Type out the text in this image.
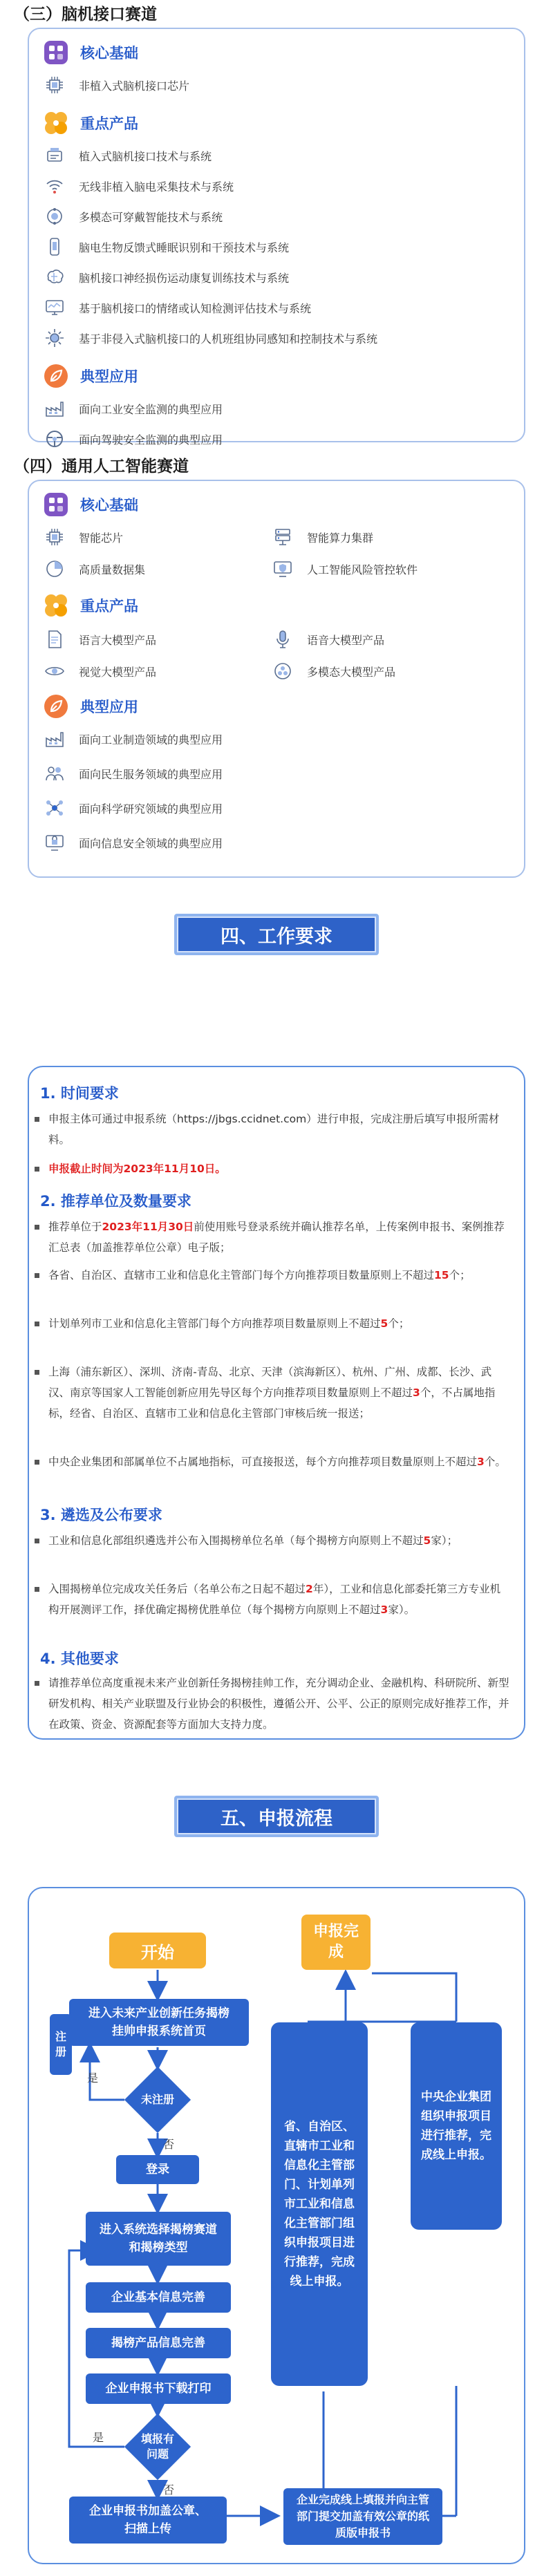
（三）脑机接口赛道
核心基础
非植入式脑机接口芯片
重点产品
植入式脑机接口技术与系统
无线非植入脑电采集技术与系统
多模态可穿戴智能技术与系统
脑电生物反馈式睡眠识别和干预技术与系统
脑机接口神经损伤运动康复训练技术与系统
基于脑机接口的情绪或认知检测评估技术与系统
基于非侵入式脑机接口的人机班组协同感知和控制技术与系统
典型应用
面向工业安全监测的典型应用
面向驾驶安全监测的典型应用
（四）通用人工智能赛道
核心基础
智能芯片	智能算力集群
高质量数据集	人工智能风险管控软件
重点产品
语言大模型产品	语音大模型产品
视觉大模型产品	多模态大模型产品
典型应用
面向工业制造领域的典型应用
面向民生服务领域的典型应用
面向科学研究领域的典型应用
面向信息安全领域的典型应用
四、工作要求
1. 时间要求
申报主体可通过申报系统（https://jbgs.ccidnet.com）进行申报，完成注册后填写申报所需材料。
申报截止时间为2023年11月10日。
2. 推荐单位及数量要求
推荐单位于2023年11月30日前使用账号登录系统并确认推荐名单，上传案例申报书、案例推荐汇总表（加盖推荐单位公章）电子版；
各省、自治区、直辖市工业和信息化主管部门每个方向推荐项目数量原则上不超过15个；
计划单列市工业和信息化主管部门每个方向推荐项目数量原则上不超过5个；
上海（浦东新区）、深圳、济南-青岛、北京、天津（滨海新区）、杭州、广州、成都、长沙、武汉、南京等国家人工智能创新应用先导区每个方向推荐项目数量原则上不超过3个，不占属地指标，经省、自治区、直辖市工业和信息化主管部门审核后统一报送；
中央企业集团和部属单位不占属地指标，可直接报送，每个方向推荐项目数量原则上不超过3个。
3. 遴选及公布要求
工业和信息化部组织遴选并公布入围揭榜单位名单（每个揭榜方向原则上不超过5家）；
入围揭榜单位完成攻关任务后（名单公布之日起不超过2年），工业和信息化部委托第三方专业机构开展测评工作，择优确定揭榜优胜单位（每个揭榜方向原则上不超过3家）。
4. 其他要求
请推荐单位高度重视未来产业创新任务揭榜挂帅工作，充分调动企业、金融机构、科研院所、新型研发机构、相关产业联盟及行业协会的积极性，遵循公开、公平、公正的原则完成好推荐工作，并在政策、资金、资源配套等方面加大支持力度。
五、申报流程
开始
申报完成
进入未来产业创新任务揭榜挂帅申报系统首页
注册
是
未注册
否
登录
进入系统选择揭榜赛道和揭榜类型
企业基本信息完善
揭榜产品信息完善
企业申报书下载打印
是	填报有问题
否
企业申报书加盖公章、扫描上传
省、自治区、直辖市工业和信息化主管部门、计划单列市工业和信息化主管部门组织申报项目进行推荐，完成线上申报。
中央企业集团组织申报项目进行推荐，完成线上申报。
企业完成线上填报并向主管部门提交加盖有效公章的纸质版申报书
